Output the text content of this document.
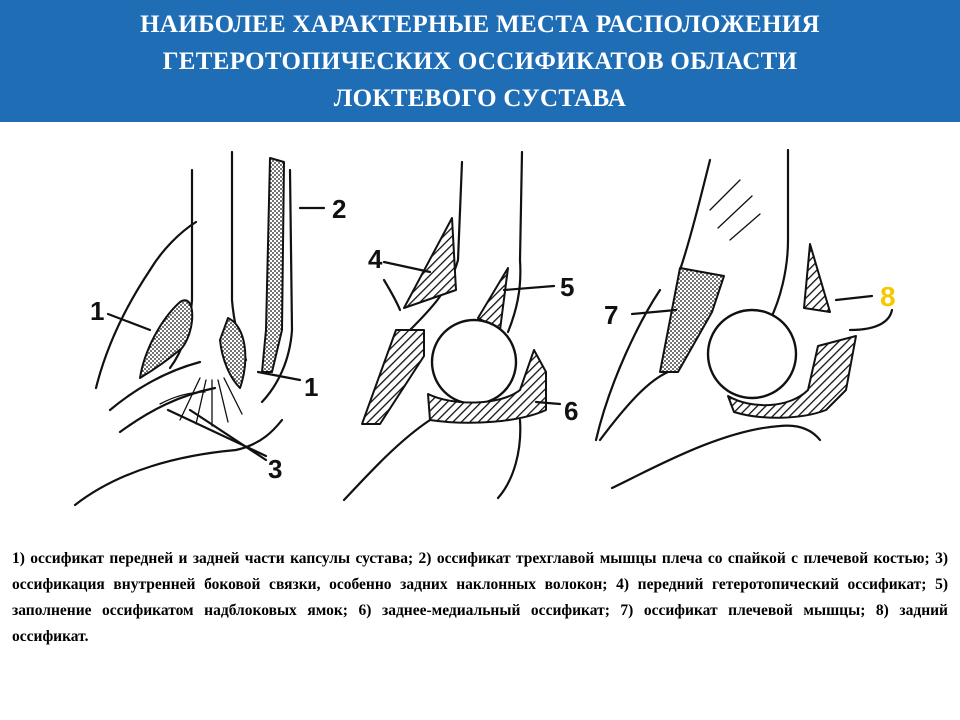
НАИБОЛЕЕ ХАРАКТЕРНЫЕ МЕСТА РАСПОЛОЖЕНИЯ
ГЕТЕРОТОПИЧЕСКИХ ОССИФИКАТОВ ОБЛАСТИ
ЛОКТЕВОГО СУСТАВА
2
1
1
3
4
5
6
7
8
1) оссификат передней и задней части капсулы сустава; 2) оссификат трехглавой мышцы плеча со спайкой с плечевой костью; 3) оссификация внутренней боковой связки, особенно задних наклонных волокон; 4) передний гетеротопический оссификат; 5) заполнение оссификатом надблоковых ямок; 6) заднее-медиальный оссификат; 7) оссификат плечевой мышцы; 8) задний оссификат.
